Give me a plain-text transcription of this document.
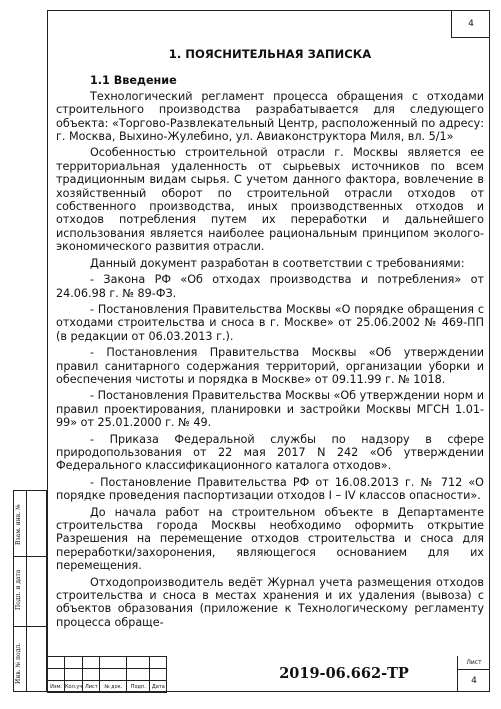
4
1. ПОЯСНИТЕЛЬНАЯ ЗАПИСКА
1.1 Введение
Технологический регламент процесса обращения с отходами строительного производства разрабатывается для следующего объекта: «Торгово-Развлекательный Центр, расположенный по адресу: г. Москва, Выхино-Жулебино, ул. Авиаконструктора Миля, вл. 5/1»
Особенностью строительной отрасли г. Москвы является ее территориальная удаленность от сырьевых источников по всем традиционным видам сырья. С учетом данного фактора, вовлечение в хозяйственный оборот по строительной отрасли отходов от собственного производства, иных производственных отходов и отходов потребления путем их переработки и дальнейшего использования является наиболее рациональным принципом эколого-экономического развития отрасли.
Данный документ разработан в соответствии с требованиями:
- Закона РФ «Об отходах производства и потребления» от 24.06.98 г. № 89-ФЗ.
- Постановления Правительства Москвы «О порядке обращения с отходами строительства и сноса в г. Москве» от 25.06.2002 № 469-ПП (в редакции от 06.03.2013 г.).
- Постановления Правительства Москвы «Об утверждении правил санитарного содержания территорий, организации уборки и обеспечения чистоты и порядка в Москве» от 09.11.99 г. № 1018.
- Постановления Правительства Москвы «Об утверждении норм и правил проектирования, планировки и застройки Москвы МГСН 1.01-99» от 25.01.2000 г. № 49.
- Приказа Федеральной службы по надзору в сфере природопользования от 22 мая 2017 N 242 «Об утверждении Федерального классификационного каталога отходов».
- Постановление Правительства РФ от 16.08.2013 г. № 712 «О порядке проведения паспортизации отходов I – IV классов опасности».
До начала работ на строительном объекте в Департаменте строительства города Москвы необходимо оформить открытие Разрешения на перемещение отходов строительства и сноса для переработки/захоронения, являющегося основанием для их перемещения.
Отходопроизводитель ведёт Журнал учета размещения отходов строительства и сноса в местах хранения и их удаления (вывоза) с объектов образования (приложение к Технологическому регламенту процесса обраще-

Изм.	Кол.уч	Лист	№ док.	Подп.	Дата
2019-06.662-ТР
Лист
4
Взам. инв. №
Подп. и дата
Инв. № подл.
